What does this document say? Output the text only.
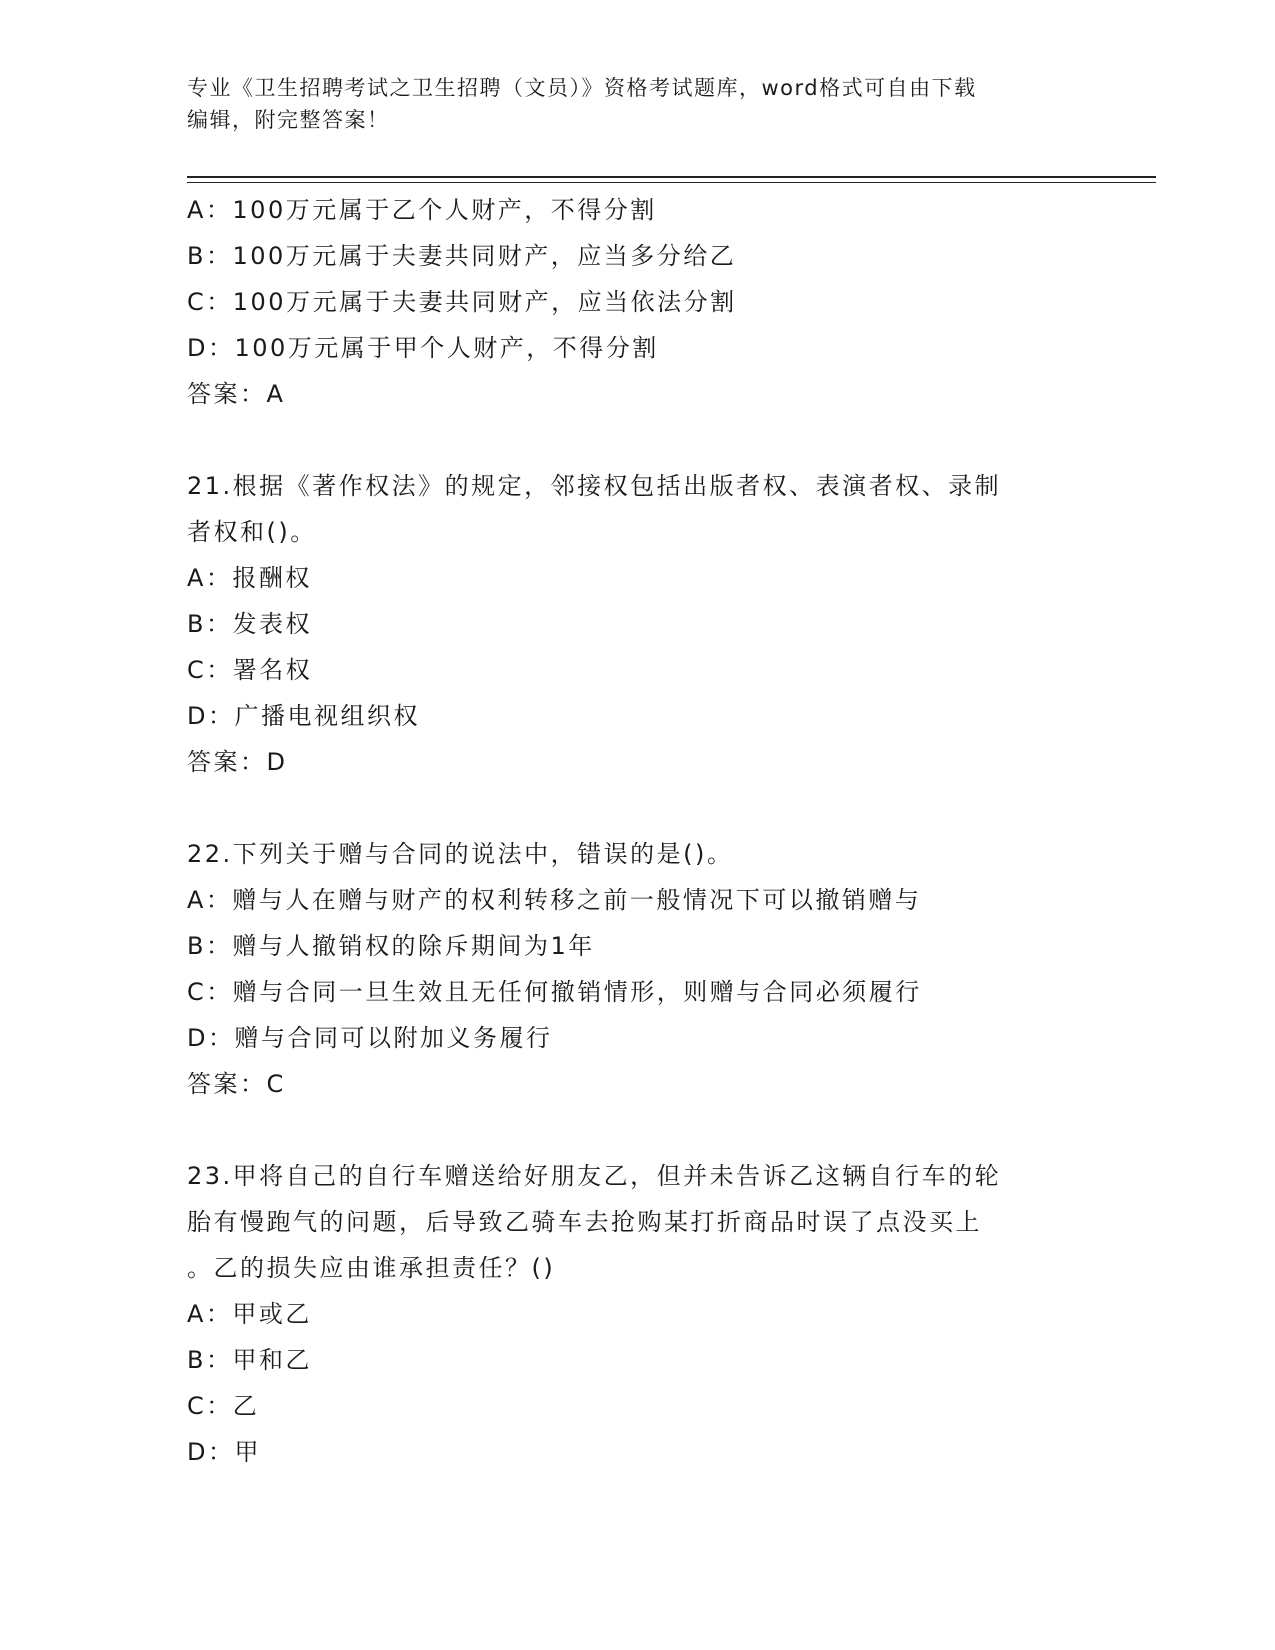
专业《卫生招聘考试之卫生招聘（文员）》资格考试题库，word格式可自由下载
编辑，附完整答案！
A：100万元属于乙个人财产，不得分割
B：100万元属于夫妻共同财产，应当多分给乙
C：100万元属于夫妻共同财产，应当依法分割
D：100万元属于甲个人财产，不得分割
答案：A
21.根据《著作权法》的规定，邻接权包括出版者权、表演者权、录制
者权和()。
A：报酬权
B：发表权
C：署名权
D：广播电视组织权
答案：D
22.下列关于赠与合同的说法中，错误的是()。
A：赠与人在赠与财产的权利转移之前一般情况下可以撤销赠与
B：赠与人撤销权的除斥期间为1年
C：赠与合同一旦生效且无任何撤销情形，则赠与合同必须履行
D：赠与合同可以附加义务履行
答案：C
23.甲将自己的自行车赠送给好朋友乙，但并未告诉乙这辆自行车的轮
胎有慢跑气的问题，后导致乙骑车去抢购某打折商品时误了点没买上
。乙的损失应由谁承担责任？()
A：甲或乙
B：甲和乙
C：乙
D：甲
